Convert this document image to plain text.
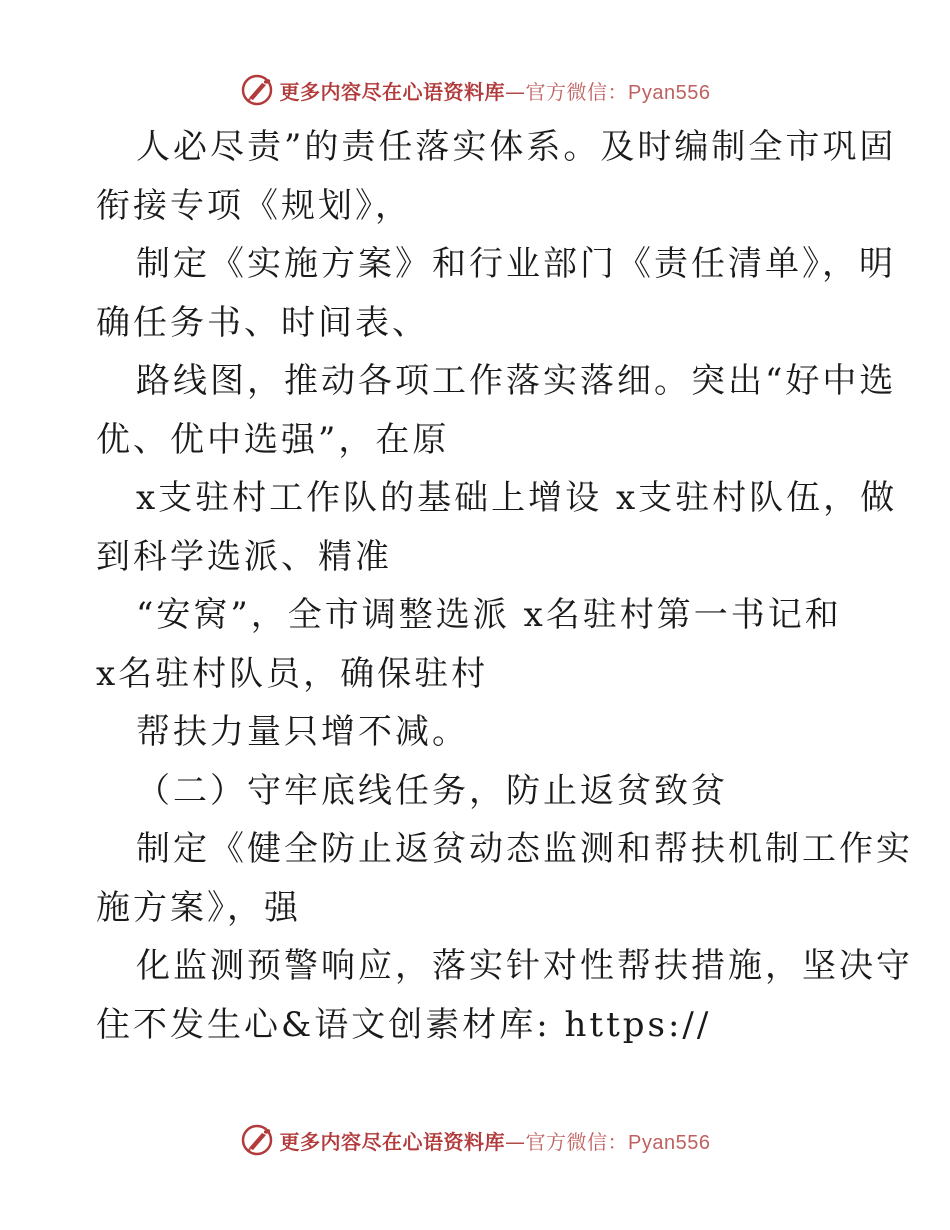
更多内容尽在心语资料库—官方微信：Pyan556
人必尽责”的责任落实体系。及时编制全市巩固
衔接专项《规划》，
制定《实施方案》和行业部门《责任清单》，明
确任务书、时间表、
路线图，推动各项工作落实落细。突出“好中选
优、优中选强”，在原
x支驻村工作队的基础上增设 x支驻村队伍，做
到科学选派、精准
“安窝”，全市调整选派 x名驻村第一书记和
x名驻村队员，确保驻村
帮扶力量只增不减。
（二）守牢底线任务，防止返贫致贫
制定《健全防止返贫动态监测和帮扶机制工作实
施方案》，强
化监测预警响应，落实针对性帮扶措施，坚决守
住不发生心&语文创素材库: https://
更多内容尽在心语资料库—官方微信：Pyan556
